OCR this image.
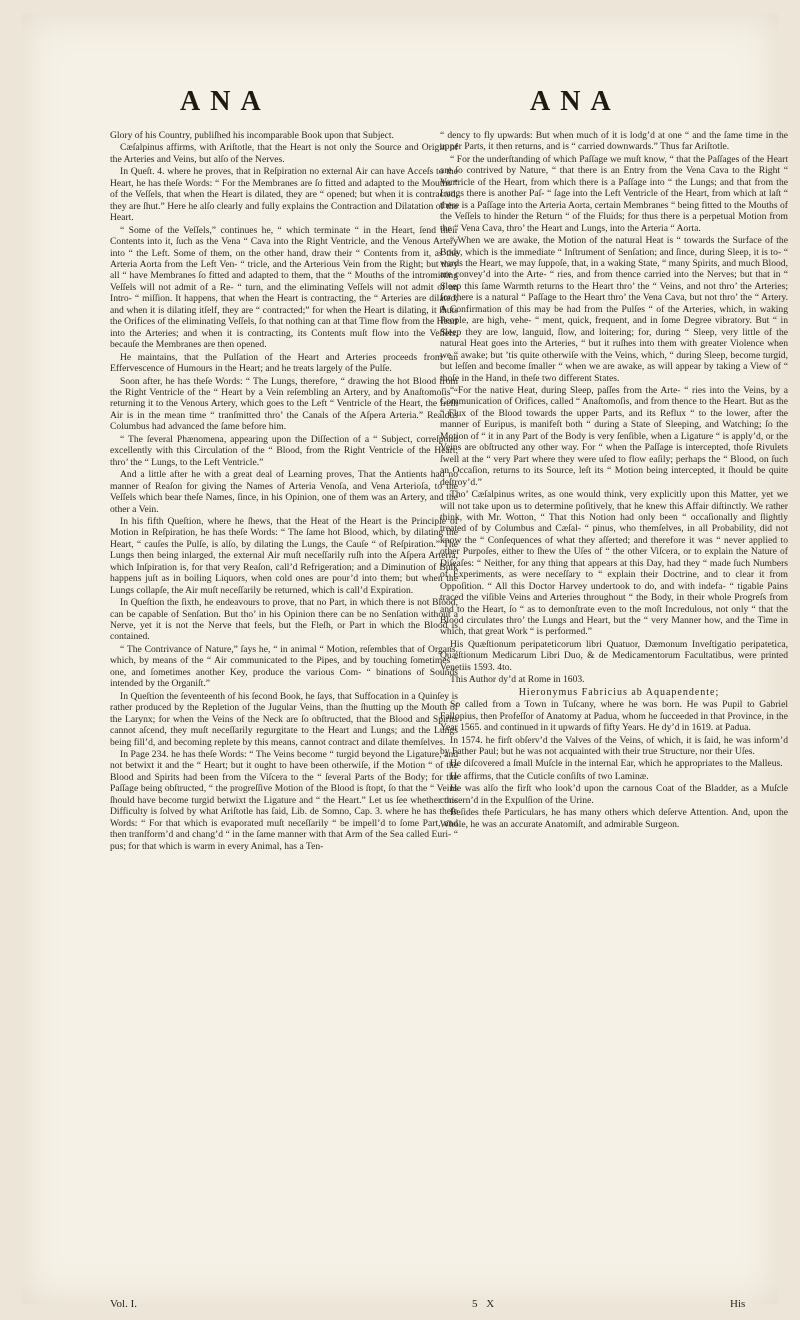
ANA	ANA

Glory of his Country, publiſhed his incomparable Book upon that Subject.

Cæſalpinus affirms, with Ariſtotle, that the Heart is not only the Source and Origin of the Arteries and Veins, but alſo of the Nerves.

In Queſt. 4. where he proves, that in Reſpiration no external Air can have Acceſs to the Heart, he has theſe Words: “ For the Membranes are ſo fitted and adapted to the Mouths “ of the Veſſels, that when the Heart is dilated, they are “ opened; but when it is contracted, they are ſhut.” Here he alſo clearly and fully explains the Contraction and Dilatation of the Heart.

“ Some of the Veſſels,” continues he, “ which terminate “ in the Heart, ſend their Contents into it, ſuch as the Vena “ Cava into the Right Ventricle, and the Venous Artery into “ the Left. Some of them, on the other hand, draw their “ Contents from it, as the Arteria Aorta from the Left Ven- “ tricle, and the Arterious Vein from the Right; but they all “ have Membranes ſo fitted and adapted to them, that the “ Mouths of the intromitting Veſſels will not admit of a Re- “ turn, and the eliminating Veſſels will not admit of an Intro- “ miſſion. It happens, that when the Heart is contracting, the “ Arteries are dilated; and when it is dilating itſelf, they are “ contracted;” for when the Heart is dilating, it ſhuts the Orifices of the eliminating Veſſels, ſo that nothing can at that Time flow from the Heart into the Arteries; and when it is contracting, its Contents muſt flow into the Veſſels, becauſe the Membranes are then opened.

He maintains, that the Pulſation of the Heart and Arteries proceeds from an Effervescence of Humours in the Heart; and he treats largely of the Pulſe.

Soon after, he has theſe Words: “ The Lungs, therefore, “ drawing the hot Blood from the Right Ventricle of the “ Heart by a Vein reſembling an Artery, and by Anaſtomoſis “ returning it to the Venous Artery, which goes to the Left “ Ventricle of the Heart, the freſh Air is in the mean time “ tranſmitted thro’ the Canals of the Aſpera Arteria.” Realdus Columbus had advanced the ſame before him.

“ The ſeveral Phænomena, appearing upon the Diſſection of a “ Subject, correſpond excellently with this Circulation of the “ Blood, from the Right Ventricle of the Heart, thro’ the “ Lungs, to the Left Ventricle.”

And a little after he with a great deal of Learning proves, That the Antients had no manner of Reaſon for giving the Names of Arteria Venoſa, and Vena Arterioſa, to the Veſſels which bear theſe Names, ſince, in his Opinion, one of them was an Artery, and the other a Vein.

In his fifth Queſtion, where he ſhews, that the Heat of the Heart is the Principle of Motion in Reſpiration, he has theſe Words: “ The ſame hot Blood, which, by dilating the Heart, “ cauſes the Pulſe, is alſo, by dilating the Lungs, the Cauſe “ of Reſpiration.” The Lungs then being inlarged, the external Air muſt neceſſarily ruſh into the Aſpera Arteria, which Inſpiration is, for that very Reaſon, call’d Refrigeration; and a Diminution of Bulk happens juſt as in boiling Liquors, when cold ones are pour’d into them; but when the Lungs collapſe, the Air muſt neceſſarily be returned, which is call’d Expiration.

In Queſtion the ſixth, he endeavours to prove, that no Part, in which there is not Blood, can be capable of Senſation. But tho’ in his Opinion there can be no Senſation without a Nerve, yet it is not the Nerve that feels, but the Fleſh, or Part in which the Blood is contained.

“ The Contrivance of Nature,” ſays he, “ in animal “ Motion, reſembles that of Organs, which, by means of the “ Air communicated to the Pipes, and by touching ſometimes “ one, and ſometimes another Key, produce the various Com- “ binations of Sounds intended by the Organiſt.”

In Queſtion the ſeventeenth of his ſecond Book, he ſays, that Suffocation in a Quinſey is rather produced by the Repletion of the Jugular Veins, than the ſhutting up the Mouth of the Larynx; for when the Veins of the Neck are ſo obſtructed, that the Blood and Spirits cannot aſcend, they muſt neceſſarily regurgitate to the Heart and Lungs; and the Lungs being fill’d, and becoming replete by this means, cannot contract and dilate themſelves.

In Page 234. he has theſe Words: “ The Veins become “ turgid beyond the Ligature, and not betwixt it and the “ Heart; but it ought to have been otherwiſe, if the Motion “ of the Blood and Spirits had been from the Viſcera to the “ ſeveral Parts of the Body; for the Paſſage being obſtructed, “ the progreſſive Motion of the Blood is ſtopt, ſo that the “ Veins ſhould have become turgid betwixt the Ligature and “ the Heart.” Let us ſee whether this Difficulty is ſolved by what Ariſtotle has ſaid, Lib. de Somno, Cap. 3. where he has theſe Words: “ For that which is evaporated muſt neceſſarily “ be impell’d to ſome Part, and then tranſform’d and chang’d “ in the ſame manner with that Arm of the Sea called Euri- “ pus; for that which is warm in every Animal, has a Ten-

“ dency to fly upwards: But when much of it is lodg’d at one “ and the ſame time in the upper Parts, it then returns, and is “ carried downwards.” Thus far Ariſtotle.

“ For the underſtanding of which Paſſage we muſt know, “ that the Paſſages of the Heart are ſo contrived by Nature, “ that there is an Entry from the Vena Cava to the Right “ Ventricle of the Heart, from which there is a Paſſage into “ the Lungs; and that from the Lungs there is another Paſ- “ ſage into the Left Ventricle of the Heart, from which at laſt “ there is a Paſſage into the Arteria Aorta, certain Membranes “ being fitted to the Mouths of the Veſſels to hinder the Return “ of the Fluids; for thus there is a perpetual Motion from the “ Vena Cava, thro’ the Heart and Lungs, into the Arteria “ Aorta.

“ When we are awake, the Motion of the natural Heat is “ towards the Surface of the Body, which is the immediate “ Inſtrument of Senſation; and ſince, during Sleep, it is to- “ wards the Heart, we may ſuppoſe, that, in a waking State, “ many Spirits, and much Blood, are convey’d into the Arte- “ ries, and from thence carried into the Nerves; but that in “ Sleep this ſame Warmth returns to the Heart thro’ the “ Veins, and not thro’ the Arteries; for there is a natural “ Paſſage to the Heart thro’ the Vena Cava, but not thro’ the “ Artery. A Confirmation of this may be had from the Pulſes “ of the Arteries, which, in waking People, are high, vehe- “ ment, quick, frequent, and in ſome Degree vibratory. But “ in Sleep they are low, languid, ſlow, and loitering; for, during “ Sleep, very little of the natural Heat goes into the Arteries, “ but it ruſhes into them with greater Violence when we “ awake; but ’tis quite otherwiſe with the Veins, which, “ during Sleep, become turgid, but leſſen and become ſmaller “ when we are awake, as will appear by taking a View of “ thoſe in the Hand, in theſe two different States.

“ For the native Heat, during Sleep, paſſes from the Arte- “ ries into the Veins, by a Communication of Orifices, called “ Anaſtomoſis, and from thence to the Heart. But as the “ Flux of the Blood towards the upper Parts, and its Reflux “ to the lower, after the manner of Euripus, is manifeſt both “ during a State of Sleeping, and Watching; ſo the Motion of “ it in any Part of the Body is very ſenſible, when a Ligature “ is apply’d, or the Veins are obſtructed any other way. For “ when the Paſſage is intercepted, thoſe Rivulets ſwell at the “ very Part where they were uſed to flow eaſily; perhaps the “ Blood, on ſuch an Occaſion, returns to its Source, leſt its “ Motion being intercepted, it ſhould be quite deſtroy’d.”

Tho’ Cæſalpinus writes, as one would think, very explicitly upon this Matter, yet we will not take upon us to determine poſitively, that he knew this Affair diſtinctly. We rather think, with Mr. Wotton, “ That this Notion had only been “ occaſionally and ſlightly treated of by Columbus and Cæſal- “ pinus, who themſelves, in all Probability, did not know the “ Conſequences of what they aſſerted; and therefore it was “ never applied to other Purpoſes, either to ſhew the Uſes of “ the other Viſcera, or to explain the Nature of Diſeaſes: “ Neither, for any thing that appears at this Day, had they “ made ſuch Numbers of Experiments, as were neceſſary to “ explain their Doctrine, and to clear it from Oppoſition. “ All this Doctor Harvey undertook to do, and with indefa- “ tigable Pains traced the viſible Veins and Arteries throughout “ the Body, in their whole Progreſs from and to the Heart, ſo “ as to demonſtrate even to the moſt Incredulous, not only “ that the Blood circulates thro’ the Lungs and Heart, but the “ very Manner how, and the Time in which, that great Work “ is performed.”

His Quæſtionum peripateticorum libri Quatuor, Dæmonum Inveſtigatio peripatetica, Quæſtionum Medicarum Libri Duo, & de Medicamentorum Facultatibus, were printed Venetiis 1593. 4to.

This Author dy’d at Rome in 1603.

Hieronymus Fabricius ab Aquapendente;

So called from a Town in Tuſcany, where he was born. He was Pupil to Gabriel Fallopius, then Profeſſor of Anatomy at Padua, whom he ſucceeded in that Province, in the Year 1565. and continued in it upwards of fifty Years. He dy’d in 1619. at Padua.

In 1574. he firſt obſerv’d the Valves of the Veins, of which, it is ſaid, he was inform’d by Father Paul; but he was not acquainted with their true Structure, nor their Uſes.

He diſcovered a ſmall Muſcle in the internal Ear, which he appropriates to the Malleus.

He affirms, that the Cuticle conſiſts of two Laminæ.

He was alſo the firſt who look’d upon the carnous Coat of the Bladder, as a Muſcle concern’d in the Expulſion of the Urine.

Beſides theſe Particulars, he has many others which deſerve Attention. And, upon the Whole, he was an accurate Anatomiſt, and admirable Surgeon.

Vol. I.	5 X	His
